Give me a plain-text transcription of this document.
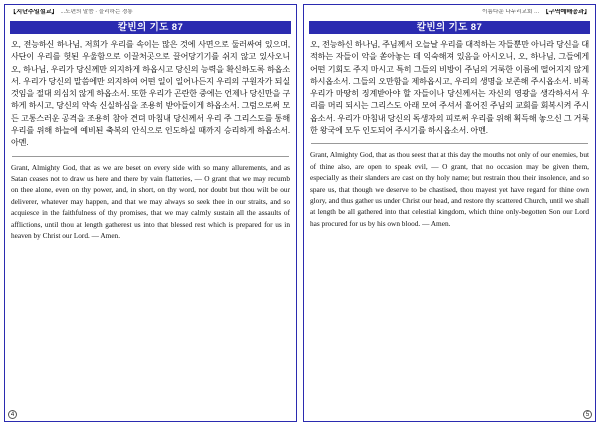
【지난주일설교】 ...도편의 말씀 · 을리하는 경통
칼빈의 기도 87
오, 전능하신 하나님, 저희가 우리를 속이는 많은 것에 사면으로 둘러싸여 있으며, 사단이 우리를 헛된 우울함으로 이끌처곳으로 끌어당기기를 쉬지 않고 있사오니 오, 하나님, 우리가 당신께만 의지하게 하옵시고 당신의 능력을 확신하도록 하옵소서. 우리가 당신의 말씀에만 의지하여 어떤 일이 일어나든지 우리의 구원자가 되실 것임을 절대 의심치 않게 하옵소서. 또한 우리가 곤란한 중에는 언제나 당신만을 구하게 하시고, 당신의 약속 신실하심을 조용히 받아들이게 하옵소서. 그럼으로써 모든 고통스러운 공격을 조용히 참아 견뎌 마침내 당신께서 우리 주 그리스도를 통해 우리를 위해 하늘에 예비된 축복의 안식으로 인도하실 때까지 승리하게 하옵소서. 아멘.
Grant, Almighty God, that as we are beset on every side with so many allurements, and as Satan ceases not to draw us here and there by vain flatteries, — O grant that we may recumb on thee alone, even on thy power, and, in short, on thy word, nor doubt but thou wilt be our deliverer, whatever may happen, and that we may always so seek thee in our straits, and so acquiesce in the faithfulness of thy promises, that we may calmly sustain all the assaults of afflictions, until thou at length gatherest us into that blessed rest which is prepared for us in heaven by Christ our Lord. — Amen.
4
이름다운 나누리교회 … 【구역예배공과】
칼빈의 기도 87
오, 전능하신 하나님, 주님께서 오늘날 우리를 대적하는 자들뿐만 아니라 당신을 대적하는 자들이 악을 쏟아놓는 데 익숙해져 있음을 아시오니, 오, 하나님, 그들에게 어떤 기회도 주지 마시고 특히 그들의 비방이 주님의 거룩한 이름에 떨어지지 않게 하시옵소서. 그들의 오만함을 제하옵시고, 우리의 생명을 보존해 주시옵소서. 비록 우리가 마땅히 징계받아야 할 자들이나 당신께서는 자신의 영광을 생각하셔서 우리를 머리 되시는 그리스도 아래 모여 주셔서 흩어진 주님의 교회를 회복시켜 주시옵소서. 우리가 마침내 당신의 독생자의 피로써 우리를 위해 획득해 놓으신 그 거룩한 왕국에 모두 인도되어 주시기를 하시옵소서. 아멘.
Grant, Almighty God, that as thou seest that at this day the mouths not only of our enemies, but of thine also, are open to speak evil, — O grant, that no occasion may be given them, especially as their slanders are cast on thy holy name; but restrain thou their insolence, and so spare us, that though we deserve to be chastised, thou mayest yet have regard for thine own glory, and thus gather us under Christ our head, and restore thy scattered Church, until we shall at length be all gathered into that celestial kingdom, which thine only-begotten Son our Lord has procured for us by his own blood. — Amen.
5
